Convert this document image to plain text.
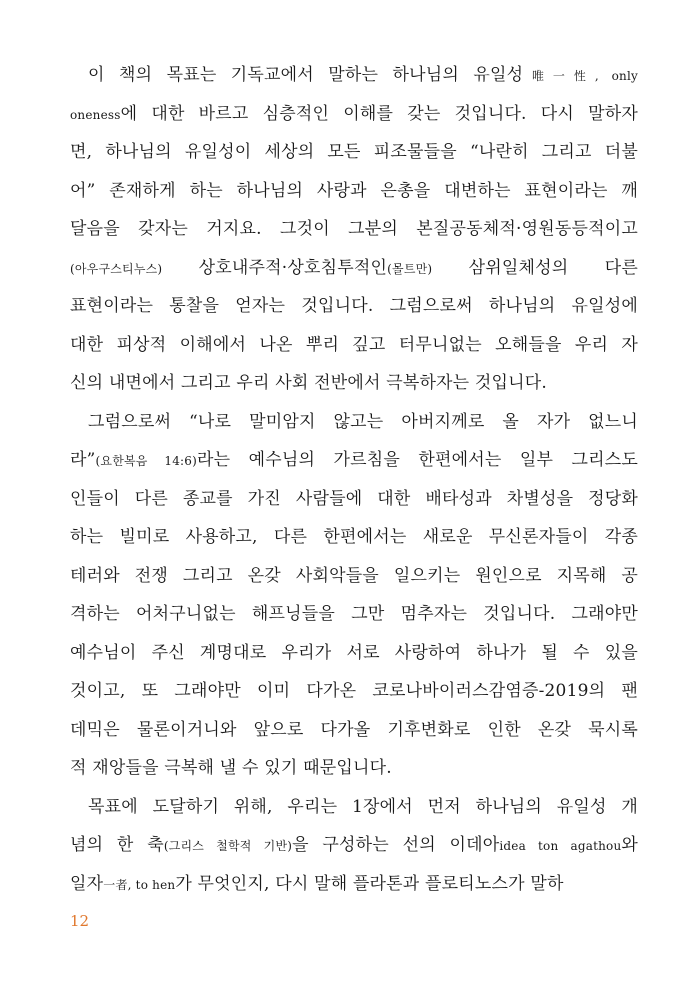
이 책의 목표는 기독교에서 말하는 하나님의 유일성唯一性, only
oneness에 대한 바르고 심층적인 이해를 갖는 것입니다. 다시 말하자
면, 하나님의 유일성이 세상의 모든 피조물들을 “나란히 그리고 더불
어” 존재하게 하는 하나님의 사랑과 은총을 대변하는 표현이라는 깨
달음을 갖자는 거지요. 그것이 그분의 본질공동체적·영원동등적이고
(아우구스티누스) 상호내주적·상호침투적인(몰트만) 삼위일체성의 다른
표현이라는 통찰을 얻자는 것입니다. 그럼으로써 하나님의 유일성에
대한 피상적 이해에서 나온 뿌리 깊고 터무니없는 오해들을 우리 자
신의 내면에서 그리고 우리 사회 전반에서 극복하자는 것입니다.
그럼으로써 “나로 말미암지 않고는 아버지께로 올 자가 없느니
라”(요한복음 14:6)라는 예수님의 가르침을 한편에서는 일부 그리스도
인들이 다른 종교를 가진 사람들에 대한 배타성과 차별성을 정당화
하는 빌미로 사용하고, 다른 한편에서는 새로운 무신론자들이 각종
테러와 전쟁 그리고 온갖 사회악들을 일으키는 원인으로 지목해 공
격하는 어처구니없는 해프닝들을 그만 멈추자는 것입니다. 그래야만
예수님이 주신 계명대로 우리가 서로 사랑하여 하나가 될 수 있을
것이고, 또 그래야만 이미 다가온 코로나바이러스감염증-2019의 팬
데믹은 물론이거니와 앞으로 다가올 기후변화로 인한 온갖 묵시록
적 재앙들을 극복해 낼 수 있기 때문입니다.
목표에 도달하기 위해, 우리는 1장에서 먼저 하나님의 유일성 개
념의 한 축(그리스 철학적 기반)을 구성하는 선의 이데아idea ton agathou와
일자一者, to hen가 무엇인지, 다시 말해 플라톤과 플로티노스가 말하
12
